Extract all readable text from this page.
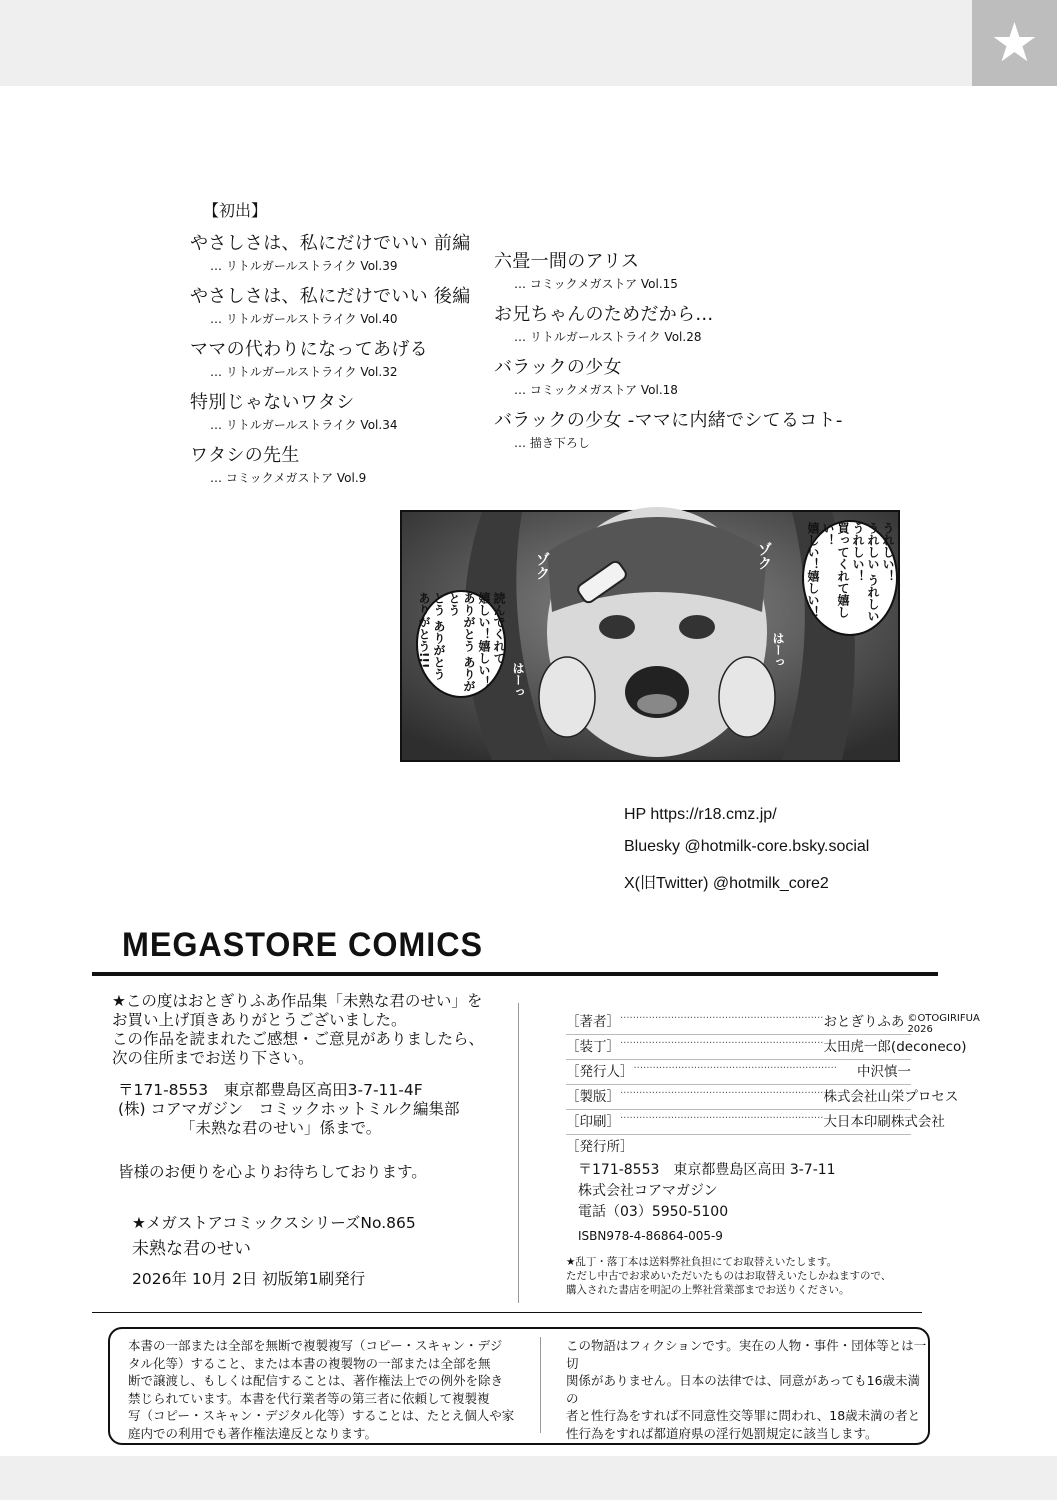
★
【初出】
やさしさは、私にだけでいい 前編
… リトルガールストライク Vol.39
やさしさは、私にだけでいい 後編
… リトルガールストライク Vol.40
ママの代わりになってあげる
… リトルガールストライク Vol.32
特別じゃないワタシ
… リトルガールストライク Vol.34
ワタシの先生
… コミックメガストア Vol.9
六畳一間のアリス
… コミックメガストア Vol.15
お兄ちゃんのためだから…
… リトルガールストライク Vol.28
バラックの少女
… コミックメガストア Vol.18
バラックの少女 -ママに内緒でシてるコト-
… 描き下ろし
うれしい！
うれしい うれしい
うれしい！
買ってくれて嬉しい！
嬉しい！嬉しい！
読んでくれて
嬉しい！嬉しい！
ありがとう ありがとう
とう ありがとう
ありがとう!!!
ゾク	ゾク
はーっ
はーっ
HP https://r18.cmz.jp/
Bluesky @hotmilk-core.bsky.social
X(旧Twitter) @hotmilk_core2
MEGASTORE COMICS
★この度はおとぎりふあ作品集「未熟な君のせい」を
お買い上げ頂きありがとうございました。
この作品を読まれたご感想・ご意見がありましたら、
次の住所までお送り下さい。
〒171-8553　東京都豊島区高田3-7-11-4F
(株) コアマガジン　コミックホットミルク編集部
「未熟な君のせい」係まで。
皆様のお便りを心よりお待ちしております。
★メガストアコミックスシリーズNo.865
未熟な君のせい
2026年 10月 2日 初版第1刷発行
［著者］ ································································ おとぎりふあ ©OTOGIRIFUA 2026
［装丁］ ································································ 太田虎一郎(deconeco)
［発行人］ ································································	中沢慎一
［製版］ ································································ 株式会社山栄プロセス
［印刷］ ································································ 大日本印刷株式会社
［発行所］
〒171-8553　東京都豊島区高田 3-7-11
株式会社コアマガジン
電話（03）5950-5100
ISBN978-4-86864-005-9
★乱丁・落丁本は送料弊社負担にてお取替えいたします。
ただし中古でお求めいただいたものはお取替えいたしかねますので、
購入された書店を明記の上弊社営業部までお送りください。
本書の一部または全部を無断で複製複写（コピー・スキャン・デジ
タル化等）すること、または本書の複製物の一部または全部を無
断で譲渡し、もしくは配信することは、著作権法上での例外を除き
禁じられています。本書を代行業者等の第三者に依頼して複製複
写（コピー・スキャン・デジタル化等）することは、たとえ個人や家
庭内での利用でも著作権法違反となります。
この物語はフィクションです。実在の人物・事件・団体等とは一切
関係がありません。日本の法律では、同意があっても16歳未満の
者と性行為をすれば不同意性交等罪に問われ、18歳未満の者と
性行為をすれば都道府県の淫行処罰規定に該当します。
